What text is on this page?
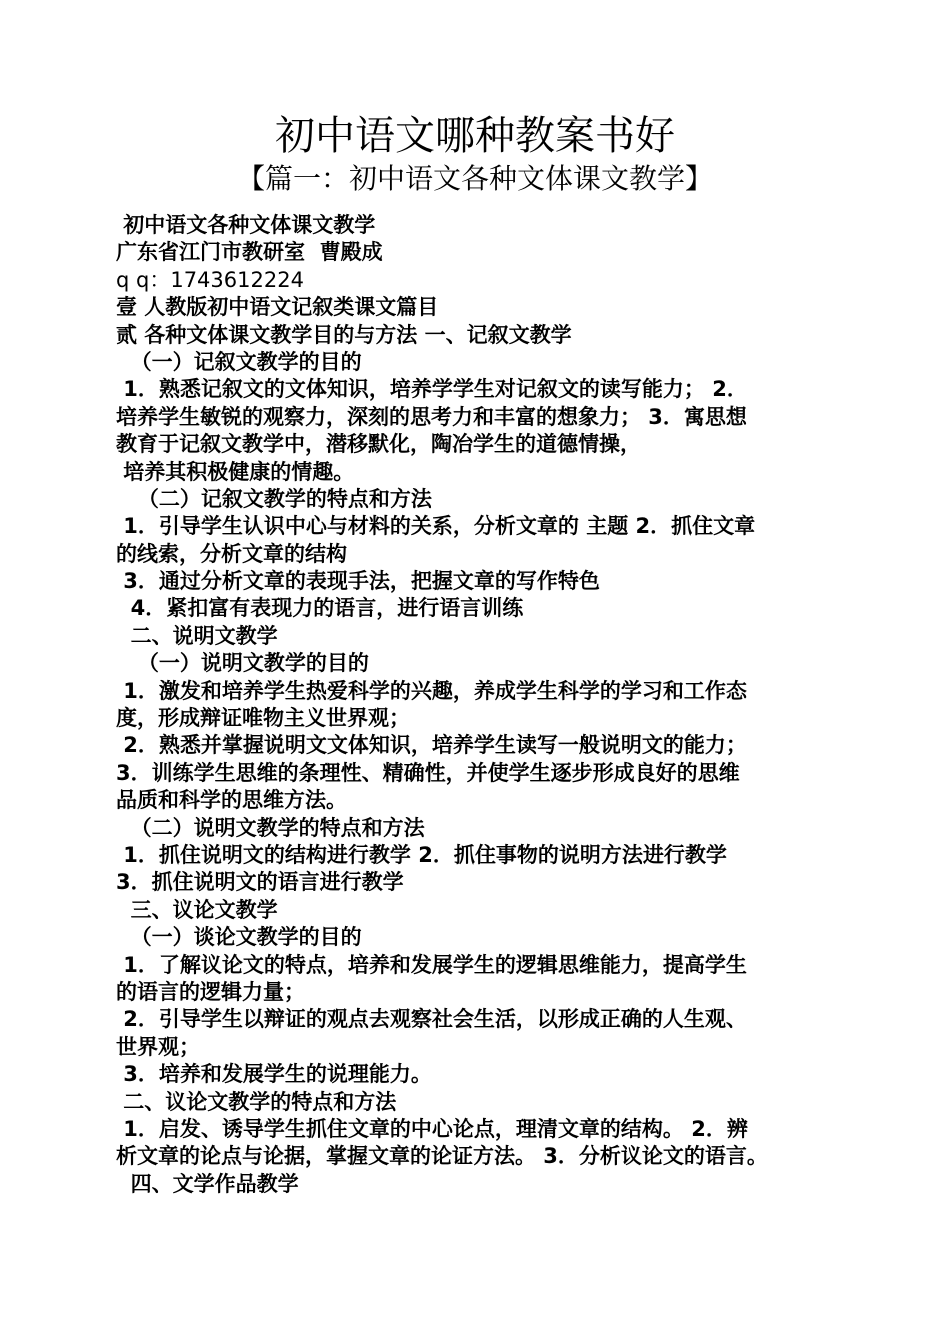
初中语文哪种教案书好
【篇一：初中语文各种文体课文教学】
初中语文各种文体课文教学
广东省江门市教研室  曹殿成
q q：1743612224
壹 人教版初中语文记叙类课文篇目
贰 各种文体课文教学目的与方法 一、记叙文教学
（一）记叙文教学的目的
1．熟悉记叙文的文体知识，培养学学生对记叙文的读写能力； 2．
培养学生敏锐的观察力，深刻的思考力和丰富的想象力； 3．寓思想
教育于记叙文教学中，潜移默化，陶冶学生的道德情操，
培养其积极健康的情趣。
（二）记叙文教学的特点和方法
1．引导学生认识中心与材料的关系，分析文章的 主题 2．抓住文章
的线索，分析文章的结构
3．通过分析文章的表现手法，把握文章的写作特色
4．紧扣富有表现力的语言，进行语言训练
二、说明文教学
（一）说明文教学的目的
1．激发和培养学生热爱科学的兴趣，养成学生科学的学习和工作态
度，形成辩证唯物主义世界观；
2．熟悉并掌握说明文文体知识，培养学生读写一般说明文的能力；
3．训练学生思维的条理性、精确性，并使学生逐步形成良好的思维
品质和科学的思维方法。
（二）说明文教学的特点和方法
1．抓住说明文的结构进行教学 2．抓住事物的说明方法进行教学
3．抓住说明文的语言进行教学
三、议论文教学
（一）谈论文教学的目的
1．了解议论文的特点，培养和发展学生的逻辑思维能力，提高学生
的语言的逻辑力量；
2．引导学生以辩证的观点去观察社会生活，以形成正确的人生观、
世界观；
3．培养和发展学生的说理能力。
二、议论文教学的特点和方法
1．启发、诱导学生抓住文章的中心论点，理清文章的结构。 2．辨
析文章的论点与论据，掌握文章的论证方法。 3．分析议论文的语言。
四、文学作品教学
